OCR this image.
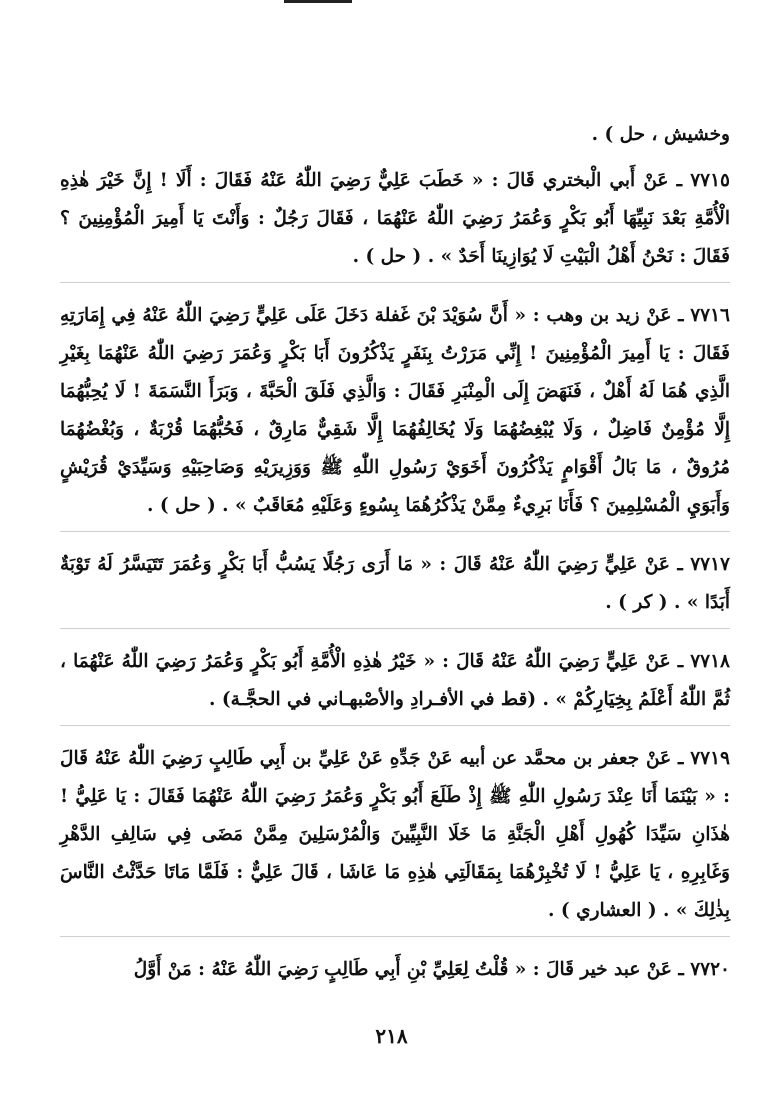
وخشيش ، حل ) .

٧٧١٥ ـ عَنْ أَبي الْبختري قَالَ : « خَطَبَ عَلِيٌّ رَضِيَ اللّٰهُ عَنْهُ فَقَالَ : أَلَا ! إِنَّ خَيْرَ هٰذِهِ الْأُمَّةِ بَعْدَ نَبِيِّهَا أَبُو بَكْرٍ وَعُمَرُ رَضِيَ اللّٰهُ عَنْهُمَا ، فَقَالَ رَجُلٌ : وَأَنْتَ يَا أَمِيرَ الْمُؤْمِنِينَ ؟ فَقَالَ : نَحْنُ أَهْلُ الْبَيْتِ لَا يُوَازِينَا أَحَدٌ » . ( حل ) .

٧٧١٦ ـ عَنْ زيد بن وهب : « أَنَّ سُوَيْدَ بْنَ غَفلة دَخَلَ عَلَى عَلِيٍّ رَضِيَ اللّٰهُ عَنْهُ فِي إِمَارَتِهِ فَقَالَ : يَا أَمِيرَ الْمُؤْمِنِينَ ! إِنِّي مَرَرْتُ بِنَفَرٍ يَذْكُرُونَ أَبَا بَكْرٍ وَعُمَرَ رَضِيَ اللّٰهُ عَنْهُمَا بِغَيْرِ الَّذِي هُمَا لَهُ أَهْلٌ ، فَنَهَضَ إِلَى الْمِنْبَرِ فَقَالَ : وَالَّذِي فَلَقَ الْحَبَّةَ ، وَبَرَأَ النَّسَمَةَ ! لَا يُحِبُّهُمَا إِلَّا مُؤْمِنٌ فَاضِلٌ ، وَلَا يُبْغِضُهُمَا وَلَا يُخَالِفُهُمَا إِلَّا شَقِيٌّ مَارِقٌ ، فَحُبُّهُمَا قُرْبَةٌ ، وَبُغْضُهُمَا مُرُوقٌ ، مَا بَالُ أَقْوَامٍ يَذْكُرُونَ أَخَوَيْ رَسُولِ اللّٰهِ ﷺ وَوَزِيرَيْهِ وَصَاحِبَيْهِ وَسَيِّدَيْ قُرَيْشٍ وَأَبَوَيِ الْمُسْلِمِينَ ؟ فَأَنَا بَرِيءٌ مِمَّنْ يَذْكُرُهُمَا بِسُوءٍ وَعَلَيْهِ مُعَاقَبٌ » . ( حل ) .

٧٧١٧ ـ عَنْ عَلِيٍّ رَضِيَ اللّٰهُ عَنْهُ قَالَ : « مَا أَرَى رَجُلًا يَسُبُّ أَبَا بَكْرٍ وَعُمَرَ تَتَيَسَّرُ لَهُ تَوْبَةٌ أَبَدًا » . ( كر ) .

٧٧١٨ ـ عَنْ عَلِيٍّ رَضِيَ اللّٰهُ عَنْهُ قَالَ : « خَيْرُ هٰذِهِ الْأُمَّةِ أَبُو بَكْرٍ وَعُمَرُ رَضِيَ اللّٰهُ عَنْهُمَا ، ثُمَّ اللّٰهُ أَعْلَمُ بِخِيَارِكُمْ » . (قط في الأفـرادِ والأصْبهـاني في الحجَّـة) .

٧٧١٩ ـ عَنْ جعفر بن محمَّد عن أبيه عَنْ جَدِّهِ عَنْ عَلِيِّ بن أَبِي طَالِبٍ رَضِيَ اللّٰهُ عَنْهُ قَالَ : « بَيْنَمَا أَنَا عِنْدَ رَسُولِ اللّٰهِ ﷺ إِذْ طَلَعَ أَبُو بَكْرٍ وَعُمَرُ رَضِيَ اللّٰهُ عَنْهُمَا فَقَالَ : يَا عَلِيُّ ! هٰذَانِ سَيِّدَا كُهُولِ أَهْلِ الْجَنَّةِ مَا خَلَا النَّبِيِّينَ وَالْمُرْسَلِينَ مِمَّنْ مَضَى فِي سَالِفِ الدَّهْرِ وَغَابِرِهِ ، يَا عَلِيُّ ! لَا تُخْبِرْهُمَا بِمَقَالَتِي هٰذِهِ مَا عَاشَا ، قَالَ عَلِيٌّ : فَلَمَّا مَاتَا حَدَّثْتُ النَّاسَ بِذٰلِكَ » . ( العشاري ) .

٧٧٢٠ ـ عَنْ عبد خير قَالَ : « قُلْتُ لِعَلِيِّ بْنِ أَبِي طَالِبٍ رَضِيَ اللّٰهُ عَنْهُ : مَنْ أَوَّلُ

٢١٨
